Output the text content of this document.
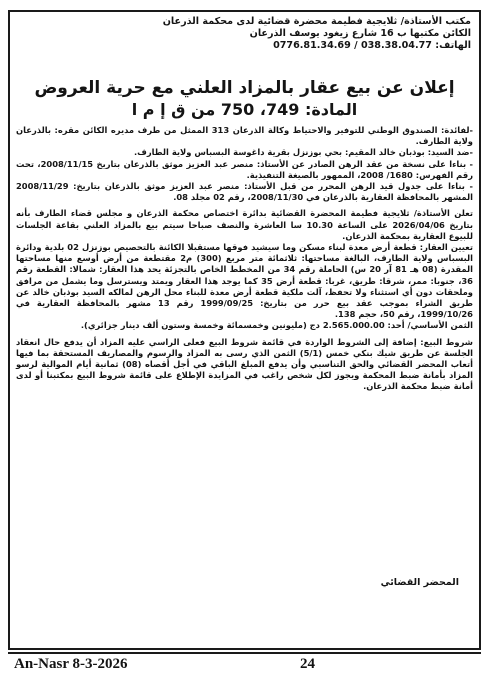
مكتب الأستاذة/ ثلايجية فطيمة محضرة قضائية لدى محكمة الذرعان
الكائن مكتبها ب 16 شارع زيغود يوسف الذرعان
الهاتف: 038.38.04.77 / 0776.81.34.69
إعلان عن بيع عقار بالمزاد العلني مع حرية العروض
المادة: 749، 750 من ق إ م ا

-لفائدة: الصندوق الوطني للتوفير والاحتياط وكالة الذرعان 313 الممثل من طرف مديره الكائن مقره: بالذرعان ولاية الطارف.

-ضد السيد: بوذبان خالد المقيم: بحي بوزنزل بقرية داغوسة البسباس ولاية الطارف.

- بناءا على نسخة من عقد الرهن الصادر عن الأستاذ: منصر عبد العزيز موثق بالذرعان بتاريخ 2008/11/15، تحت رقم الفهرس: 1680/ 2008، الممهور بالصيغة التنفيذية.

- بناءا على جدول قيد الرهن المحرر من قبل الأستاذ: منصر عبد العزيز موثق بالذرعان بتاريخ: 2008/11/29 المشهر بالمحافظة العقارية بالذرعان في 2008/11/30، رقم 02 مجلد 08.

تعلن الأستاذة/ ثلايجية فطيمة المحضرة القضائية بدائرة اختصاص محكمة الذرعان و مجلس قضاء الطارف بأنه بتاريخ 2026/04/06 على الساعة 10.30 سا العاشرة والنصف صباحا سيتم بيع بالمزاد العلني بقاعة الجلسات للبيوع العقارية بمحكمة الذرعان.

تعيين العقار: قطعة أرض معدة لبناء مسكن وما سيشيد فوقها مستقبلا الكائنة بالتحصيص بوزنزل 02 بلدية ودائرة البسباس ولاية الطارف، البالغة مساحتها: ثلاثمائة متر مربع (300) م2 مقتطعة من أرض أوسع منها مساحتها المقدرة (08 هـ 81 آر 20 س) الحاملة رقم 34 من المخطط الخاص بالتجزئة يحد هذا العقار: شمالا: القطعة رقم 36، جنوبا: ممر، شرقا: طريق، غربا: قطعة أرض 35 كما يوجد هذا العقار ويمتد ويسترسل وما يشمل من مرافق وملحقات دون أي استثناء ولا تحفظ، آلت ملكية قطعة أرض معدة للبناء محل الرهن لمالكه السيد بوذبان خالد عن طريق الشراء بموجب عقد بيع حرر من بتاريخ: 1999/09/25 رقم 13 مشهر بالمحافظة العقارية في 1999/10/26، رقم 50، حجم 138.

الثمن الأساسي/ أحد: 2.565.000.00 دج (مليونين وخمسمائة وخمسة وستون ألف دينار جزائري).

شروط البيع: إضافة إلى الشروط الواردة في قائمة شروط البيع فعلى الراسي عليه المزاد أن يدفع حال انعقاد الجلسة عن طريق شيك بنكي خمس (5/1) الثمن الذي رسى به المزاد والرسوم والمصاريف المستحقة بما فيها أتعاب المحضر القضائي والحق التناسبي وأن يدفع المبلغ الباقي في أجل أقصاه (08) ثمانية أيام الموالية لرسو المزاد بأمانة ضبط المحكمة ويجوز لكل شخص راغب في المزايدة الإطلاع على قائمة شروط البيع بمكتبنا أو لدى أمانة ضبط محكمة الذرعان.

المحضر القضائي
An-Nasr 8-3-2026	24
